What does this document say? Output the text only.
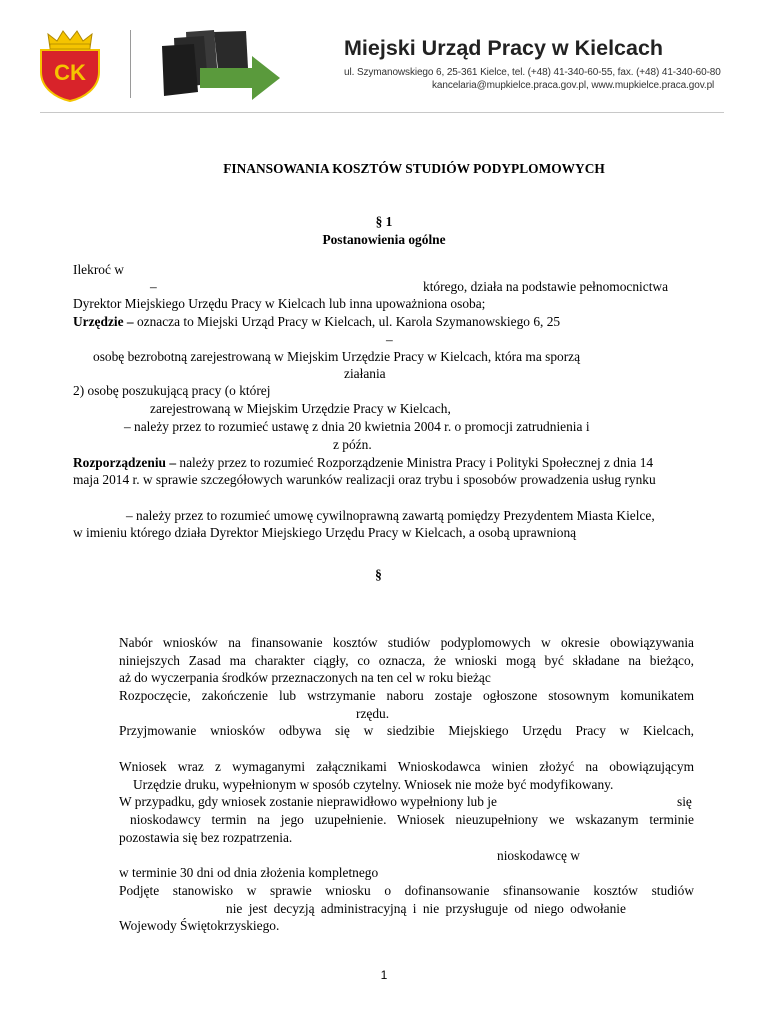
CK
Miejski Urząd Pracy w Kielcach
ul. Szymanowskiego 6, 25-361 Kielce, tel. (+48) 41-340-60-55, fax. (+48) 41-340-60-80
kancelaria@mupkielce.praca.gov.pl, www.mupkielce.praca.gov.pl
FINANSOWANIA KOSZTÓW STUDIÓW PODYPLOMOWYCH
§ 1
Postanowienia ogólne
Ilekroć w
–	którego, działa na podstawie pełnomocnictwa
Dyrektor Miejskiego Urzędu Pracy w Kielcach lub inna upoważniona osoba;
Urzędzie – oznacza to Miejski Urząd Pracy w Kielcach, ul. Karola Szymanowskiego 6, 25
–
osobę bezrobotną zarejestrowaną w Miejskim Urzędzie Pracy w Kielcach, która ma sporzą
ziałania
2) osobę poszukującą pracy (o której
zarejestrowaną w Miejskim Urzędzie Pracy w Kielcach,
– należy przez to rozumieć ustawę z dnia 20 kwietnia 2004 r. o promocji zatrudnienia i
z późn.
Rozporządzeniu – należy przez to rozumieć Rozporządzenie Ministra Pracy i Polityki Społecznej z dnia 14
maja 2014 r. w sprawie szczegółowych warunków realizacji oraz trybu i sposobów prowadzenia usług rynku
– należy przez to rozumieć umowę cywilnoprawną zawartą pomiędzy Prezydentem Miasta Kielce,
w imieniu którego działa Dyrektor Miejskiego Urzędu Pracy w Kielcach, a osobą uprawnioną
§
Nabór wniosków na finansowanie kosztów studiów podyplomowych w okresie obowiązywania
niniejszych Zasad ma charakter ciągły, co oznacza, że wnioski mogą być składane na bieżąco,
aż do wyczerpania środków przeznaczonych na ten cel w roku bieżąc
Rozpoczęcie, zakończenie lub wstrzymanie naboru zostaje ogłoszone stosownym komunikatem
rzędu.
Przyjmowanie wniosków odbywa się w siedzibie Miejskiego Urzędu Pracy w Kielcach,
Wniosek wraz z wymaganymi załącznikami Wnioskodawca winien złożyć na obowiązującym
Urzędzie druku, wypełnionym w sposób czytelny. Wniosek nie może być modyfikowany.
W przypadku, gdy wniosek zostanie nieprawidłowo wypełniony lub je	się
nioskodawcy termin na jego uzupełnienie. Wniosek nieuzupełniony we wskazanym terminie
pozostawia się bez rozpatrzenia.
nioskodawcę w
w terminie 30 dni od dnia złożenia kompletnego
Podjęte stanowisko w sprawie wniosku o dofinansowanie sfinansowanie kosztów studiów
nie jest decyzją administracyjną i nie przysługuje od niego odwołanie
Wojewody Świętokrzyskiego.
1
